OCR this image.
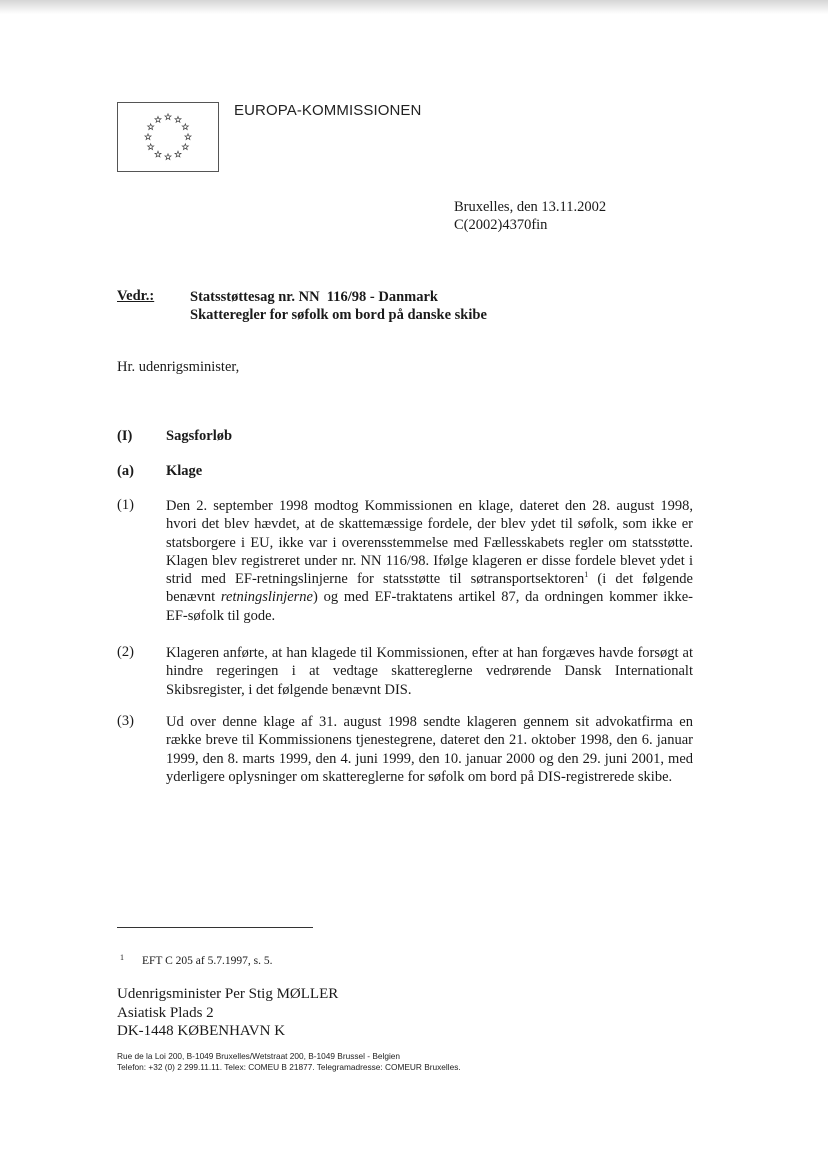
EUROPA-KOMMISSIONEN
Bruxelles, den 13.11.2002
C(2002)4370fin
Vedr.: Statsstøttesag nr. NN  116/98 - Danmark
Skatteregler for søfolk om bord på danske skibe
Hr. udenrigsminister,
(I) Sagsforløb
(a) Klage
(1) Den 2. september 1998 modtog Kommissionen en klage, dateret den 28. august 1998, hvori det blev hævdet, at de skattemæssige fordele, der blev ydet til søfolk, som ikke er statsborgere i EU, ikke var i overensstemmelse med Fællesskabets regler om statsstøtte. Klagen blev registreret under nr. NN 116/98. Ifølge klageren er disse fordele blevet ydet i strid med EF-retningslinjerne for statsstøtte til søtransportsektoren$^1$ (i det følgende benævnt retningslinjerne) og med EF-traktatens artikel 87, da ordningen kommer ikke-EF-søfolk til gode.
(2) Klageren anførte, at han klagede til Kommissionen, efter at han forgæves havde forsøgt at hindre regeringen i at vedtage skattereglerne vedrørende Dansk Internationalt Skibsregister, i det følgende benævnt DIS.
(3) Ud over denne klage af 31. august 1998 sendte klageren gennem sit advokatfirma en række breve til Kommissionens tjenestegrene, dateret den 21. oktober 1998, den 6. januar 1999, den 8. marts 1999, den 4. juni 1999, den 10. januar 2000 og den 29. juni 2001, med yderligere oplysninger om skattereglerne for søfolk om bord på DIS-registrerede skibe.
1 EFT C 205 af 5.7.1997, s. 5.
Udenrigsminister Per Stig MØLLER
Asiatisk Plads 2
DK-1448 KØBENHAVN K
Rue de la Loi 200, B-1049 Bruxelles/Wetstraat 200, B-1049 Brussel - Belgien
Telefon: +32 (0) 2 299.11.11. Telex: COMEU B 21877. Telegramadresse: COMEUR Bruxelles.
